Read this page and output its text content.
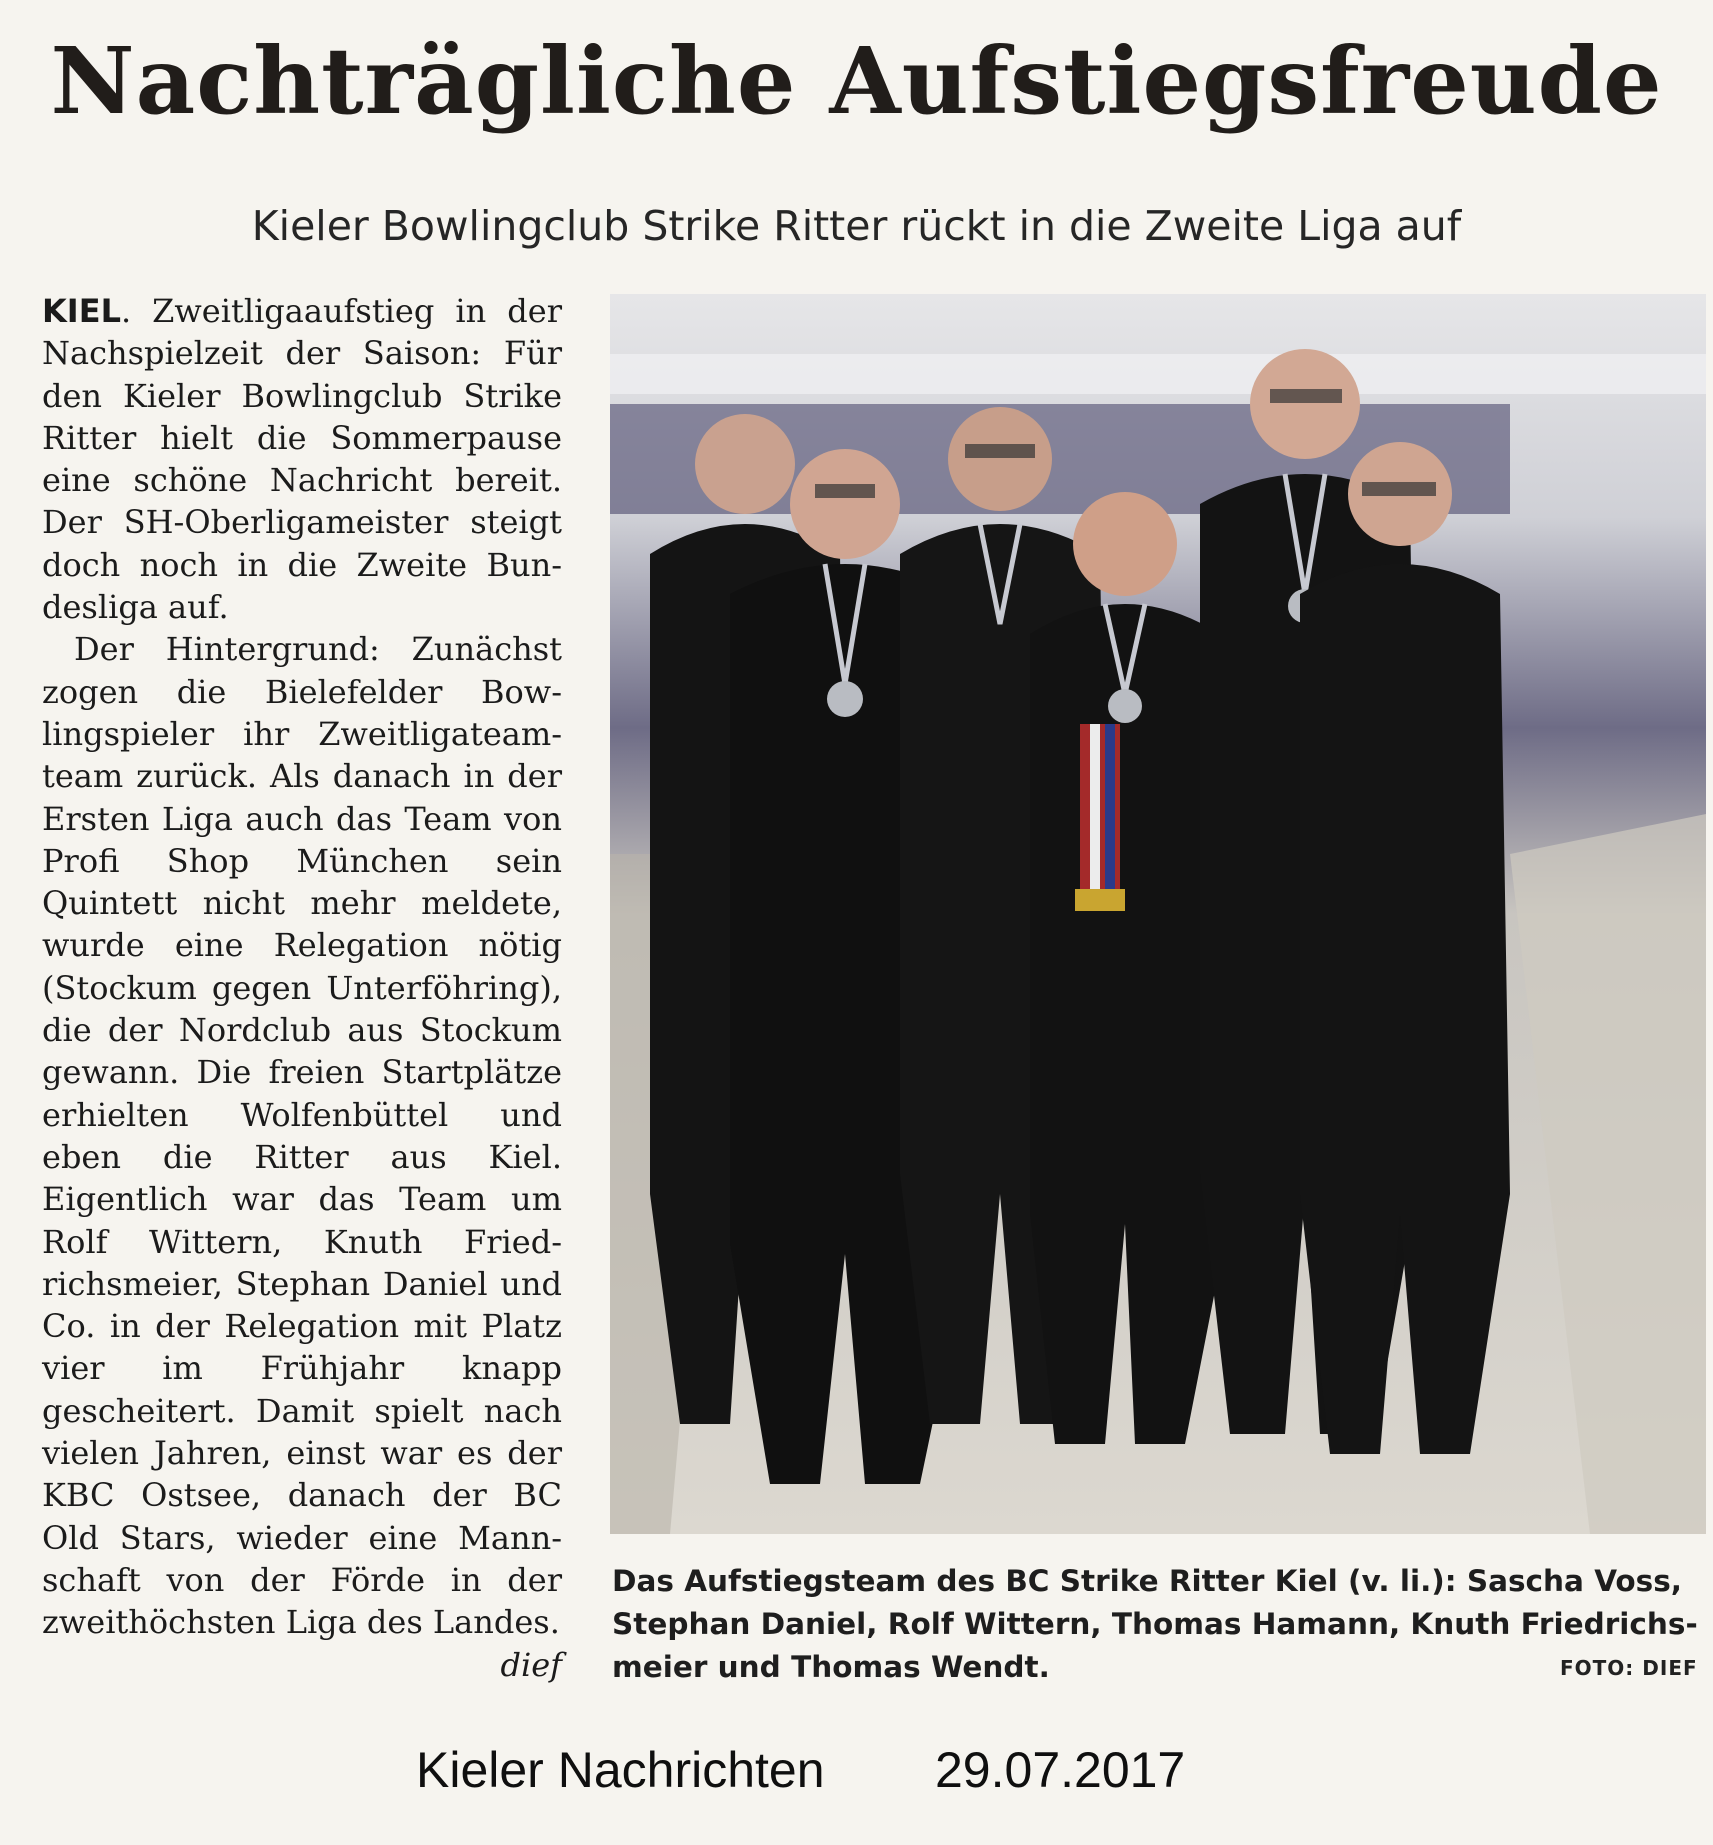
Nachträgliche Aufstiegsfreude
Kieler Bowlingclub Strike Ritter rückt in die Zweite Liga auf

KIEL. Zweitligaaufstieg in der Nachspielzeit der Saison: Für den Kieler Bowlingclub Strike Ritter hielt die Sommerpause eine schöne Nachricht bereit. Der SH-Oberligameister steigt doch noch in die Zweite Bundesliga auf.

Der Hintergrund: Zunächst zogen die Bielefelder Bowlingspieler ihr Zweitligateamteam zurück. Als danach in der Ersten Liga auch das Team von Profi Shop München sein Quintett nicht mehr meldete, wurde eine Relegation nötig (Stockum gegen Unterföhring), die der Nordclub aus Stockum gewann. Die freien Startplätze erhielten Wolfenbüttel und eben die Ritter aus Kiel. Eigentlich war das Team um Rolf Wittern, Knuth Friedrichsmeier, Stephan Daniel und Co. in der Relegation mit Platz vier im Frühjahr knapp gescheitert. Damit spielt nach vielen Jahren, einst war es der KBC Ostsee, danach der BC Old Stars, wieder eine Mannschaft von der Förde in der zweithöchsten Liga des Landes.
dief

Das Aufstiegsteam des BC Strike Ritter Kiel (v. li.): Sascha Voss, Stephan Daniel, Rolf Wittern, Thomas Hamann, Knuth Friedrichsmeier und Thomas Wendt.	FOTO: DIEF
Kieler Nachrichten 29.07.2017
